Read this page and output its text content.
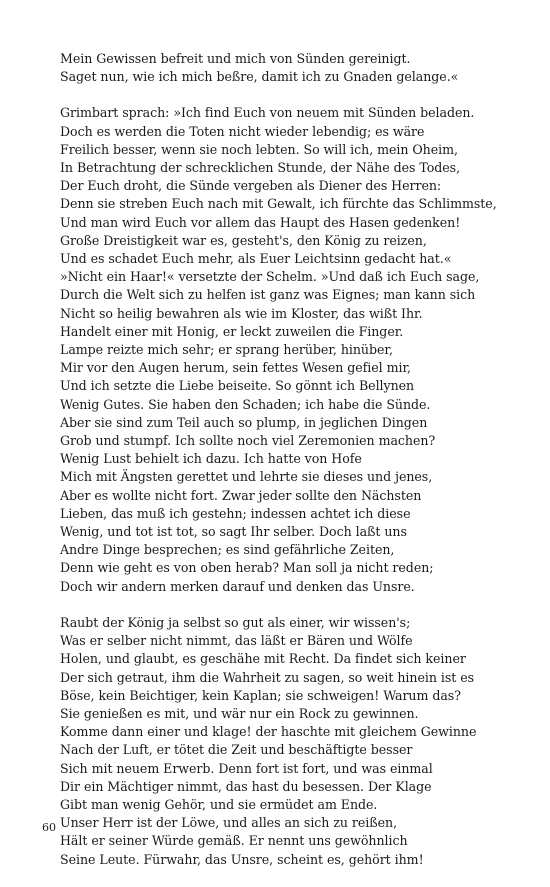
Mein Gewissen befreit und mich von Sünden gereinigt.
Saget nun, wie ich mich beßre, damit ich zu Gnaden gelange.«
Grimbart sprach: »Ich find Euch von neuem mit Sünden beladen.
Doch es werden die Toten nicht wieder lebendig; es wäre
Freilich besser, wenn sie noch lebten. So will ich, mein Oheim,
In Betrachtung der schrecklichen Stunde, der Nähe des Todes,
Der Euch droht, die Sünde vergeben als Diener des Herren:
Denn sie streben Euch nach mit Gewalt, ich fürchte das Schlimmste,
Und man wird Euch vor allem das Haupt des Hasen gedenken!
Große Dreistigkeit war es, gesteht's, den König zu reizen,
Und es schadet Euch mehr, als Euer Leichtsinn gedacht hat.«
»Nicht ein Haar!« versetzte der Schelm. »Und daß ich Euch sage,
Durch die Welt sich zu helfen ist ganz was Eignes; man kann sich
Nicht so heilig bewahren als wie im Kloster, das wißt Ihr.
Handelt einer mit Honig, er leckt zuweilen die Finger.
Lampe reizte mich sehr; er sprang herüber, hinüber,
Mir vor den Augen herum, sein fettes Wesen gefiel mir,
Und ich setzte die Liebe beiseite. So gönnt ich Bellynen
Wenig Gutes. Sie haben den Schaden; ich habe die Sünde.
Aber sie sind zum Teil auch so plump, in jeglichen Dingen
Grob und stumpf. Ich sollte noch viel Zeremonien machen?
Wenig Lust behielt ich dazu. Ich hatte von Hofe
Mich mit Ängsten gerettet und lehrte sie dieses und jenes,
Aber es wollte nicht fort. Zwar jeder sollte den Nächsten
Lieben, das muß ich gestehn; indessen achtet ich diese
Wenig, und tot ist tot, so sagt Ihr selber. Doch laßt uns
Andre Dinge besprechen; es sind gefährliche Zeiten,
Denn wie geht es von oben herab? Man soll ja nicht reden;
Doch wir andern merken darauf und denken das Unsre.
Raubt der König ja selbst so gut als einer, wir wissen's;
Was er selber nicht nimmt, das läßt er Bären und Wölfe
Holen, und glaubt, es geschähe mit Recht. Da findet sich keiner
Der sich getraut, ihm die Wahrheit zu sagen, so weit hinein ist es
Böse, kein Beichtiger, kein Kaplan; sie schweigen! Warum das?
Sie genießen es mit, und wär nur ein Rock zu gewinnen.
Komme dann einer und klage! der haschte mit gleichem Gewinne
Nach der Luft, er tötet die Zeit und beschäftigte besser
Sich mit neuem Erwerb. Denn fort ist fort, und was einmal
Dir ein Mächtiger nimmt, das hast du besessen. Der Klage
Gibt man wenig Gehör, und sie ermüdet am Ende.
Unser Herr ist der Löwe, und alles an sich zu reißen,
Hält er seiner Würde gemäß. Er nennt uns gewöhnlich
Seine Leute. Fürwahr, das Unsre, scheint es, gehört ihm!
60
